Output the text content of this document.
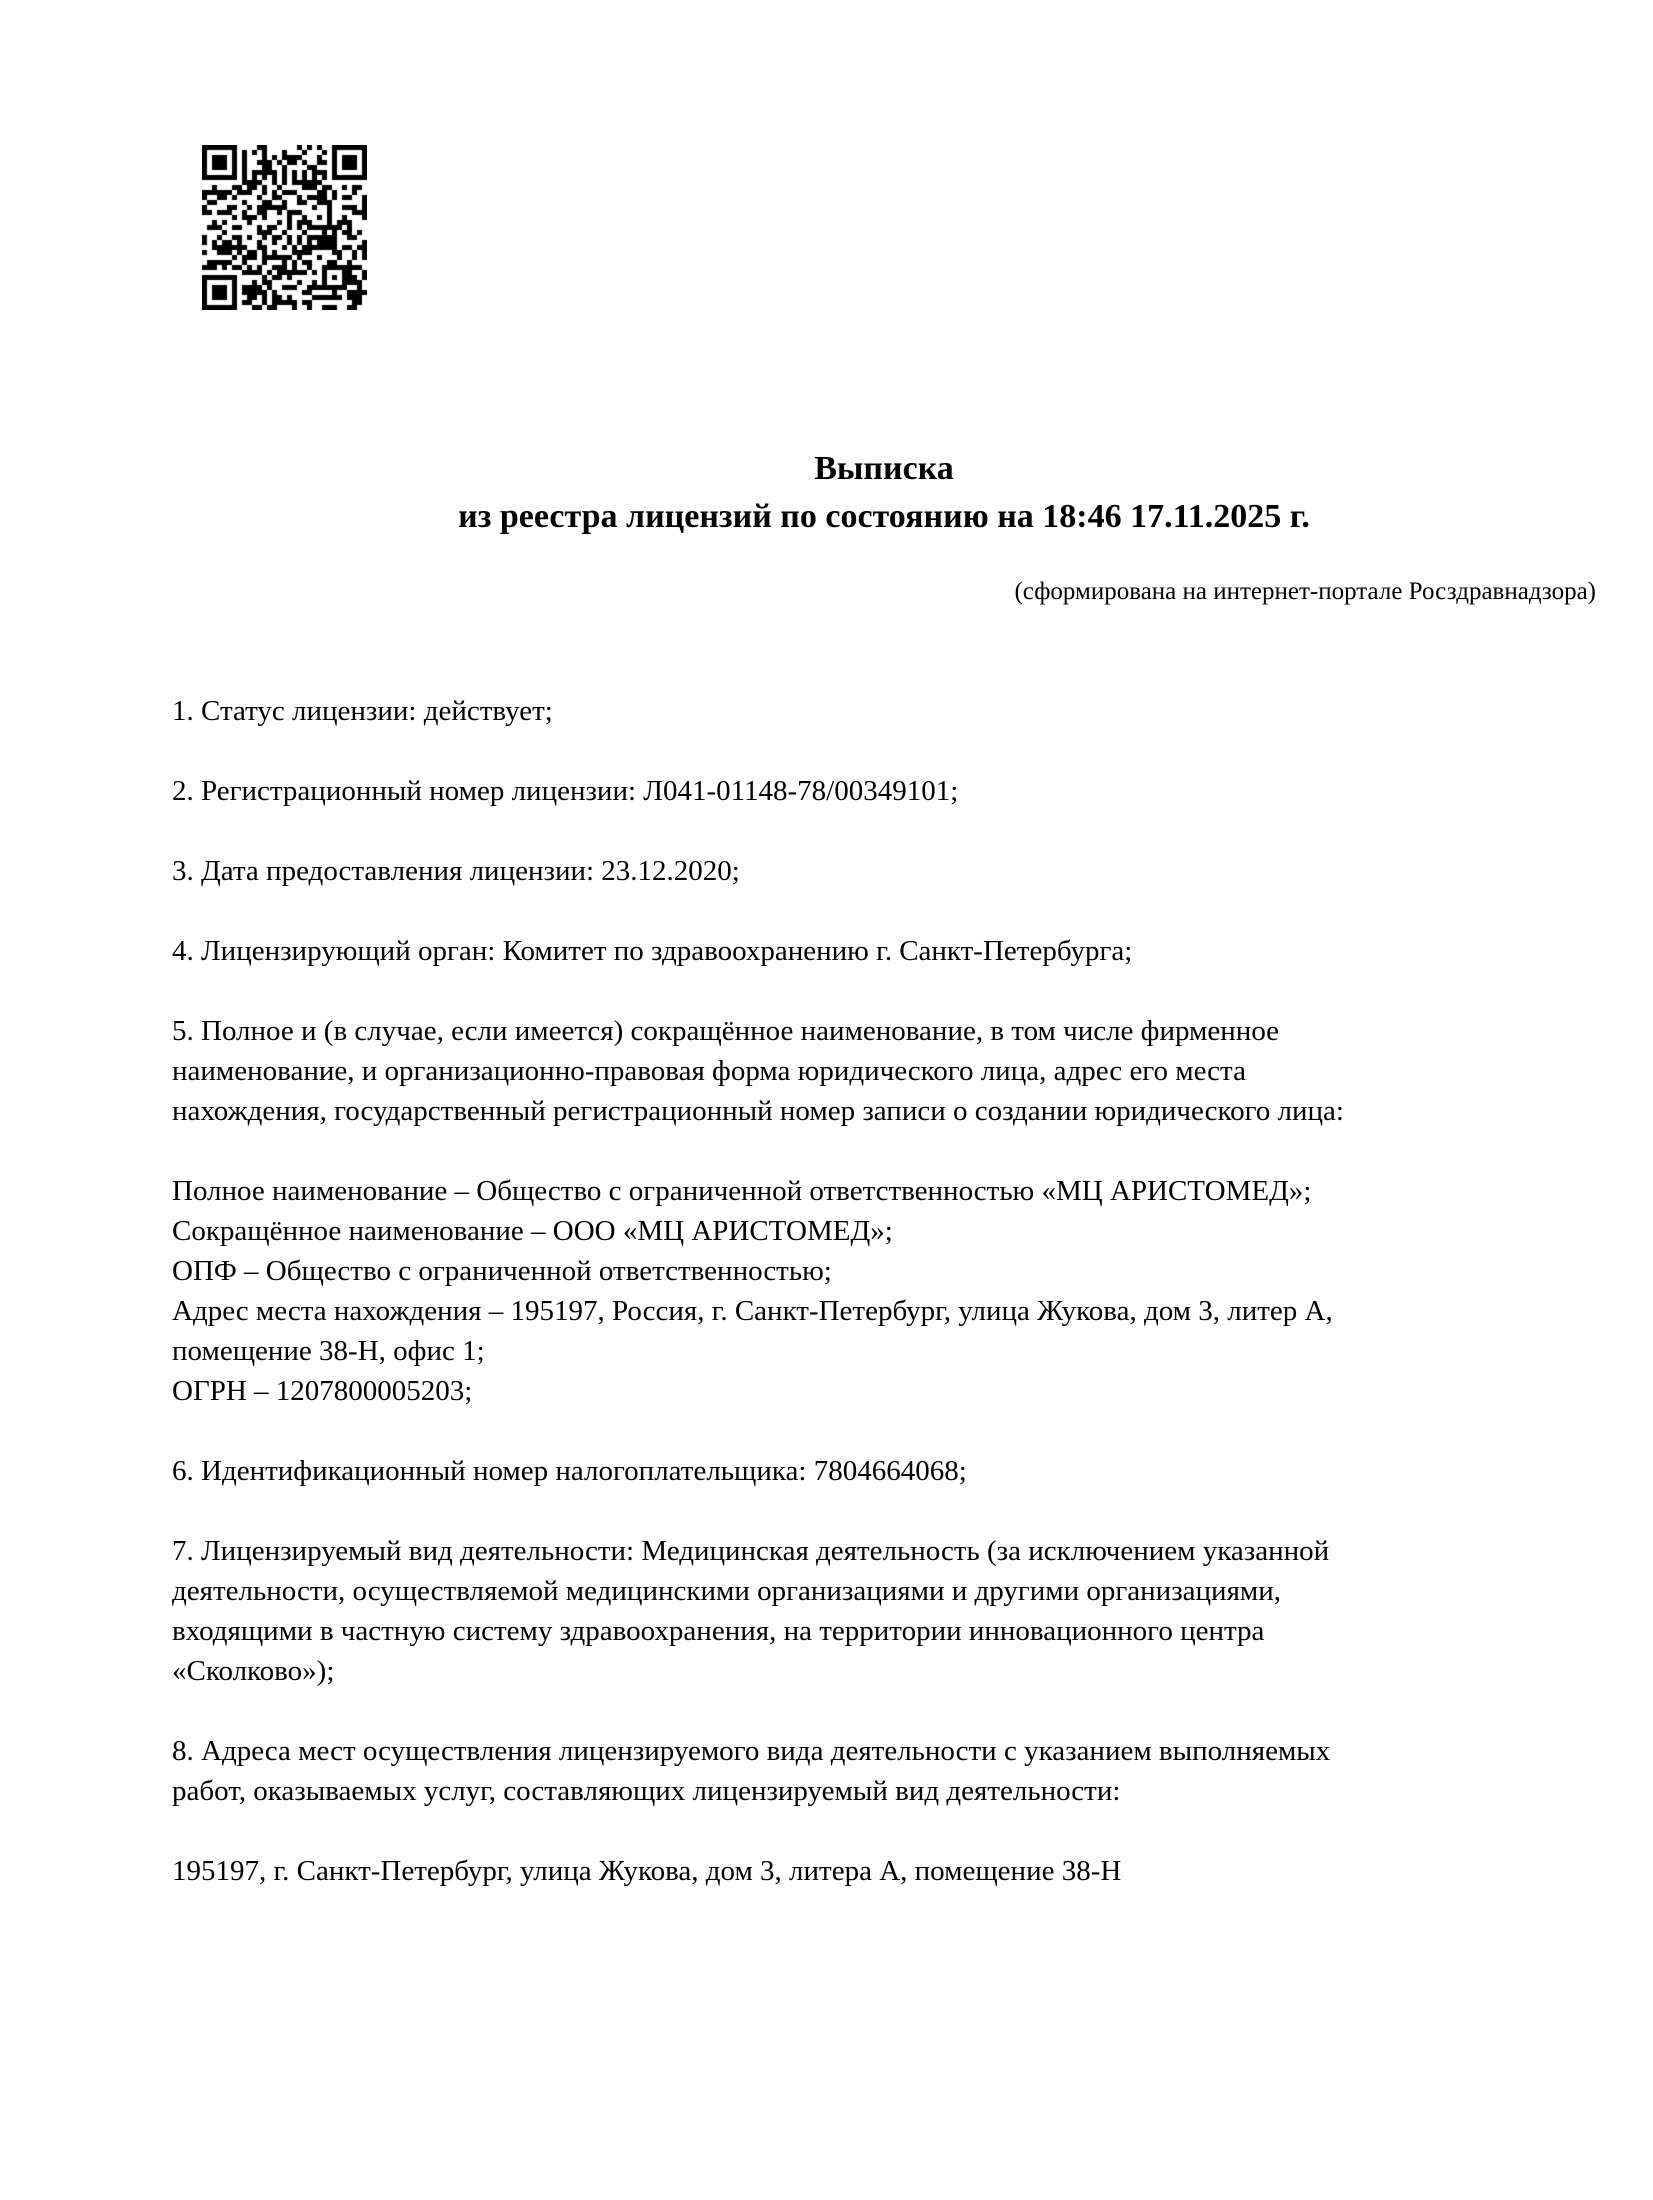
Выписка
из реестра лицензий по состоянию на 18:46 17.11.2025 г.
(сформирована на интернет-портале Росздравнадзора)

1. Статус лицензии: действует;

2. Регистрационный номер лицензии: Л041-01148-78/00349101;

3. Дата предоставления лицензии: 23.12.2020;

4. Лицензирующий орган: Комитет по здравоохранению г. Санкт-Петербурга;

5. Полное и (в случае, если имеется) сокращённое наименование, в том числе фирменное
наименование, и организационно-правовая форма юридического лица, адрес его места
нахождения, государственный регистрационный номер записи о создании юридического лица:

Полное наименование – Общество с ограниченной ответственностью «МЦ АРИСТОМЕД»;
Сокращённое наименование – ООО «МЦ АРИСТОМЕД»;
ОПФ – Общество с ограниченной ответственностью;
Адрес места нахождения – 195197, Россия, г. Санкт-Петербург, улица Жукова, дом 3, литер А,
помещение 38-Н, офис 1;
ОГРН – 1207800005203;

6. Идентификационный номер налогоплательщика: 7804664068;

7. Лицензируемый вид деятельности: Медицинская деятельность (за исключением указанной
деятельности, осуществляемой медицинскими организациями и другими организациями,
входящими в частную систему здравоохранения, на территории инновационного центра
«Сколково»);

8. Адреса мест осуществления лицензируемого вида деятельности с указанием выполняемых
работ, оказываемых услуг, составляющих лицензируемый вид деятельности:

195197, г. Санкт-Петербург, улица Жукова, дом 3, литера А, помещение 38-Н
